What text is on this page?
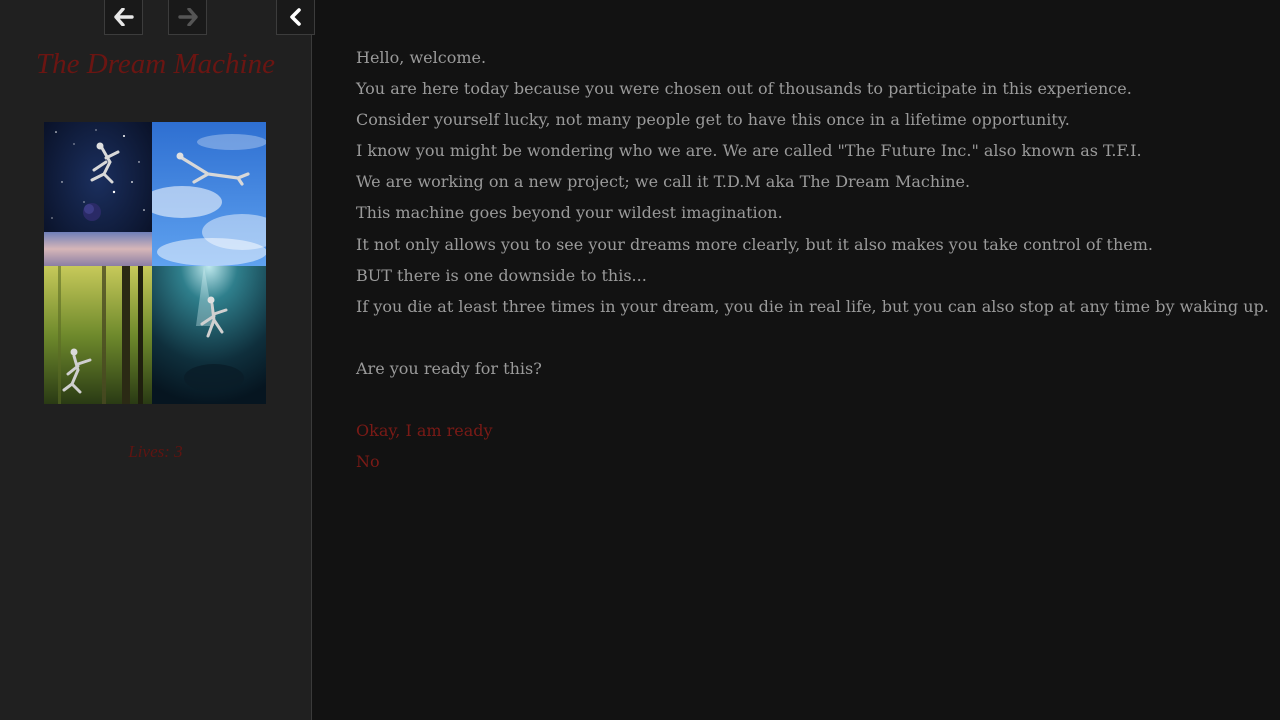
The Dream Machine
Lives: 3

Hello, welcome.

You are here today because you were chosen out of thousands to participate in this experience.

Consider yourself lucky, not many people get to have this once in a lifetime opportunity.

I know you might be wondering who we are. We are called "The Future Inc." also known as T.F.I.

We are working on a new project; we call it T.D.M aka The Dream Machine.

This machine goes beyond your wildest imagination.

It not only allows you to see your dreams more clearly, but it also makes you take control of them.

BUT there is one downside to this...

If you die at least three times in your dream, you die in real life, but you can also stop at any time by waking up.

Are you ready for this?

Okay, I am ready

No
